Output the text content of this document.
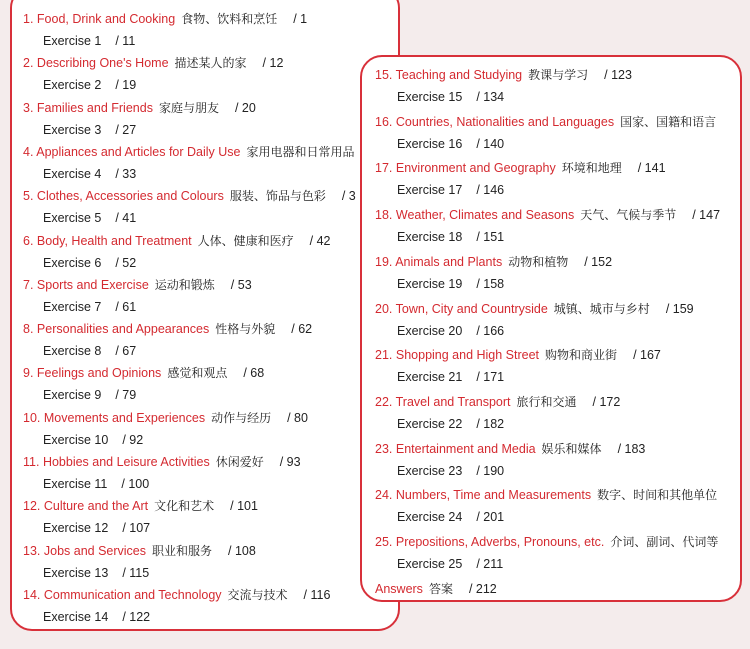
1. Food, Drink and Cooking 食物、饮料和烹饪 / 1
Exercise 1 / 11
2. Describing One's Home 描述某人的家 / 12
Exercise 2 / 19
3. Families and Friends 家庭与朋友 / 20
Exercise 3 / 27
4. Appliances and Articles for Daily Use 家用电器和日常用品
Exercise 4 / 33
5. Clothes, Accessories and Colours 服装、饰品与色彩 / 3
Exercise 5 / 41
6. Body, Health and Treatment 人体、健康和医疗 / 42
Exercise 6 / 52
7. Sports and Exercise 运动和锻炼 / 53
Exercise 7 / 61
8. Personalities and Appearances 性格与外貌 / 62
Exercise 8 / 67
9. Feelings and Opinions 感觉和观点 / 68
Exercise 9 / 79
10. Movements and Experiences 动作与经历 / 80
Exercise 10 / 92
11. Hobbies and Leisure Activities 休闲爱好 / 93
Exercise 11 / 100
12. Culture and the Art 文化和艺术 / 101
Exercise 12 / 107
13. Jobs and Services 职业和服务 / 108
Exercise 13 / 115
14. Communication and Technology 交流与技术 / 116
Exercise 14 / 122
15. Teaching and Studying 教课与学习 / 123
Exercise 15 / 134
16. Countries, Nationalities and Languages 国家、国籍和语言
Exercise 16 / 140
17. Environment and Geography 环境和地理 / 141
Exercise 17 / 146
18. Weather, Climates and Seasons 天气、气候与季节 / 147
Exercise 18 / 151
19. Animals and Plants 动物和植物 / 152
Exercise 19 / 158
20. Town, City and Countryside 城镇、城市与乡村 / 159
Exercise 20 / 166
21. Shopping and High Street 购物和商业街 / 167
Exercise 21 / 171
22. Travel and Transport 旅行和交通 / 172
Exercise 22 / 182
23. Entertainment and Media 娱乐和媒体 / 183
Exercise 23 / 190
24. Numbers, Time and Measurements 数字、时间和其他单位
Exercise 24 / 201
25. Prepositions, Adverbs, Pronouns, etc. 介词、副词、代词等
Exercise 25 / 211
Answers 答案 / 212
